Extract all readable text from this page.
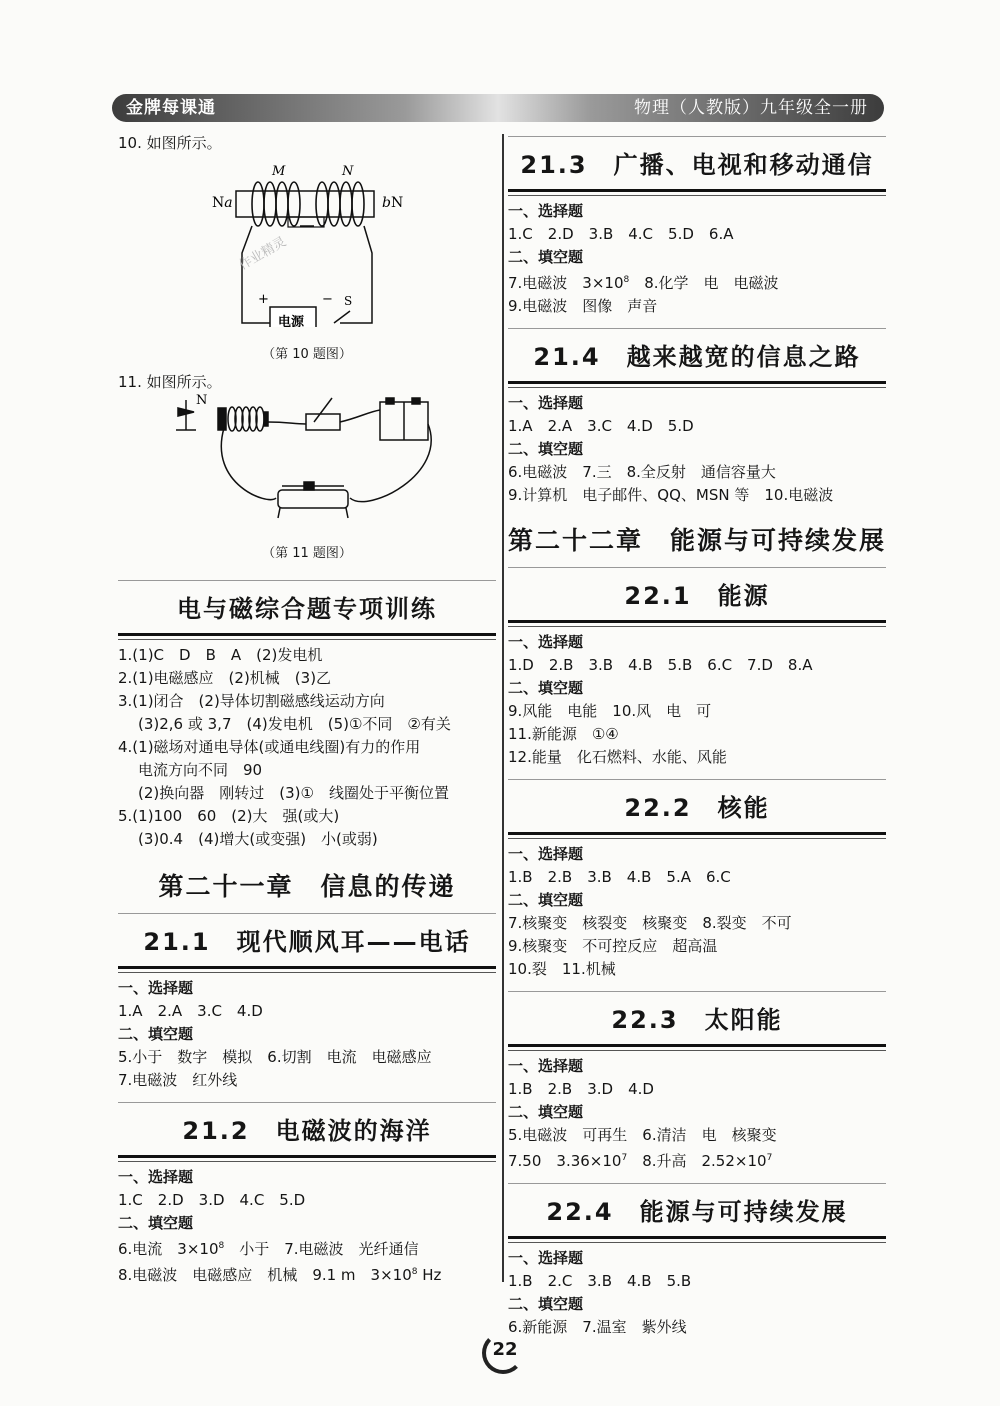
金牌每课通	物理（人教版）九年级全一册
10. 如图所示。
M	N
Na	bN
电源
+	− S
作业精灵
（第 10 题图）
11. 如图所示。
N
（第 11 题图）
电与磁综合题专项训练
1.(1)C　D　B　A　(2)发电机
2.(1)电磁感应　(2)机械　(3)乙
3.(1)闭合　(2)导体切割磁感线运动方向
(3)2,6 或 3,7　(4)发电机　(5)①不同　②有关
4.(1)磁场对通电导体(或通电线圈)有力的作用
电流方向不同　90
(2)换向器　刚转过　(3)①　线圈处于平衡位置
5.(1)100　60　(2)大　强(或大)
(3)0.4　(4)增大(或变强)　小(或弱)
第二十一章　信息的传递
21.1　现代顺风耳——电话
一、选择题
1.A　2.A　3.C　4.D
二、填空题
5.小于　数字　模拟　6.切割　电流　电磁感应
7.电磁波　红外线
21.2　电磁波的海洋
一、选择题
1.C　2.D　3.D　4.C　5.D
二、填空题
6.电流　$3\times 10^8$　小于　7.电磁波　光纤通信
8.电磁波　电磁感应　机械　9.1 m　$3\times 10^8$ Hz
21.3　广播、电视和移动通信
一、选择题
1.C　2.D　3.B　4.C　5.D　6.A
二、填空题
7.电磁波　$3\times 10^8$　8.化学　电　电磁波
9.电磁波　图像　声音
21.4　越来越宽的信息之路
一、选择题
1.A　2.A　3.C　4.D　5.D
二、填空题
6.电磁波　7.三　8.全反射　通信容量大
9.计算机　电子邮件、QQ、MSN 等　10.电磁波
第二十二章　能源与可持续发展
22.1　能源
一、选择题
1.D　2.B　3.B　4.B　5.B　6.C　7.D　8.A
二、填空题
9.风能　电能　10.风　电　可
11.新能源　①④
12.能量　化石燃料、水能、风能
22.2　核能
一、选择题
1.B　2.B　3.B　4.B　5.A　6.C
二、填空题
7.核聚变　核裂变　核聚变　8.裂变　不可
9.核聚变　不可控反应　超高温
10.裂　11.机械
22.3　太阳能
一、选择题
1.B　2.B　3.D　4.D
二、填空题
5.电磁波　可再生　6.清洁　电　核聚变
7.50　$3.36\times 10^7$　8.升高　$2.52\times 10^7$
22.4　能源与可持续发展
一、选择题
1.B　2.C　3.B　4.B　5.B
二、填空题
6.新能源　7.温室　紫外线
22
